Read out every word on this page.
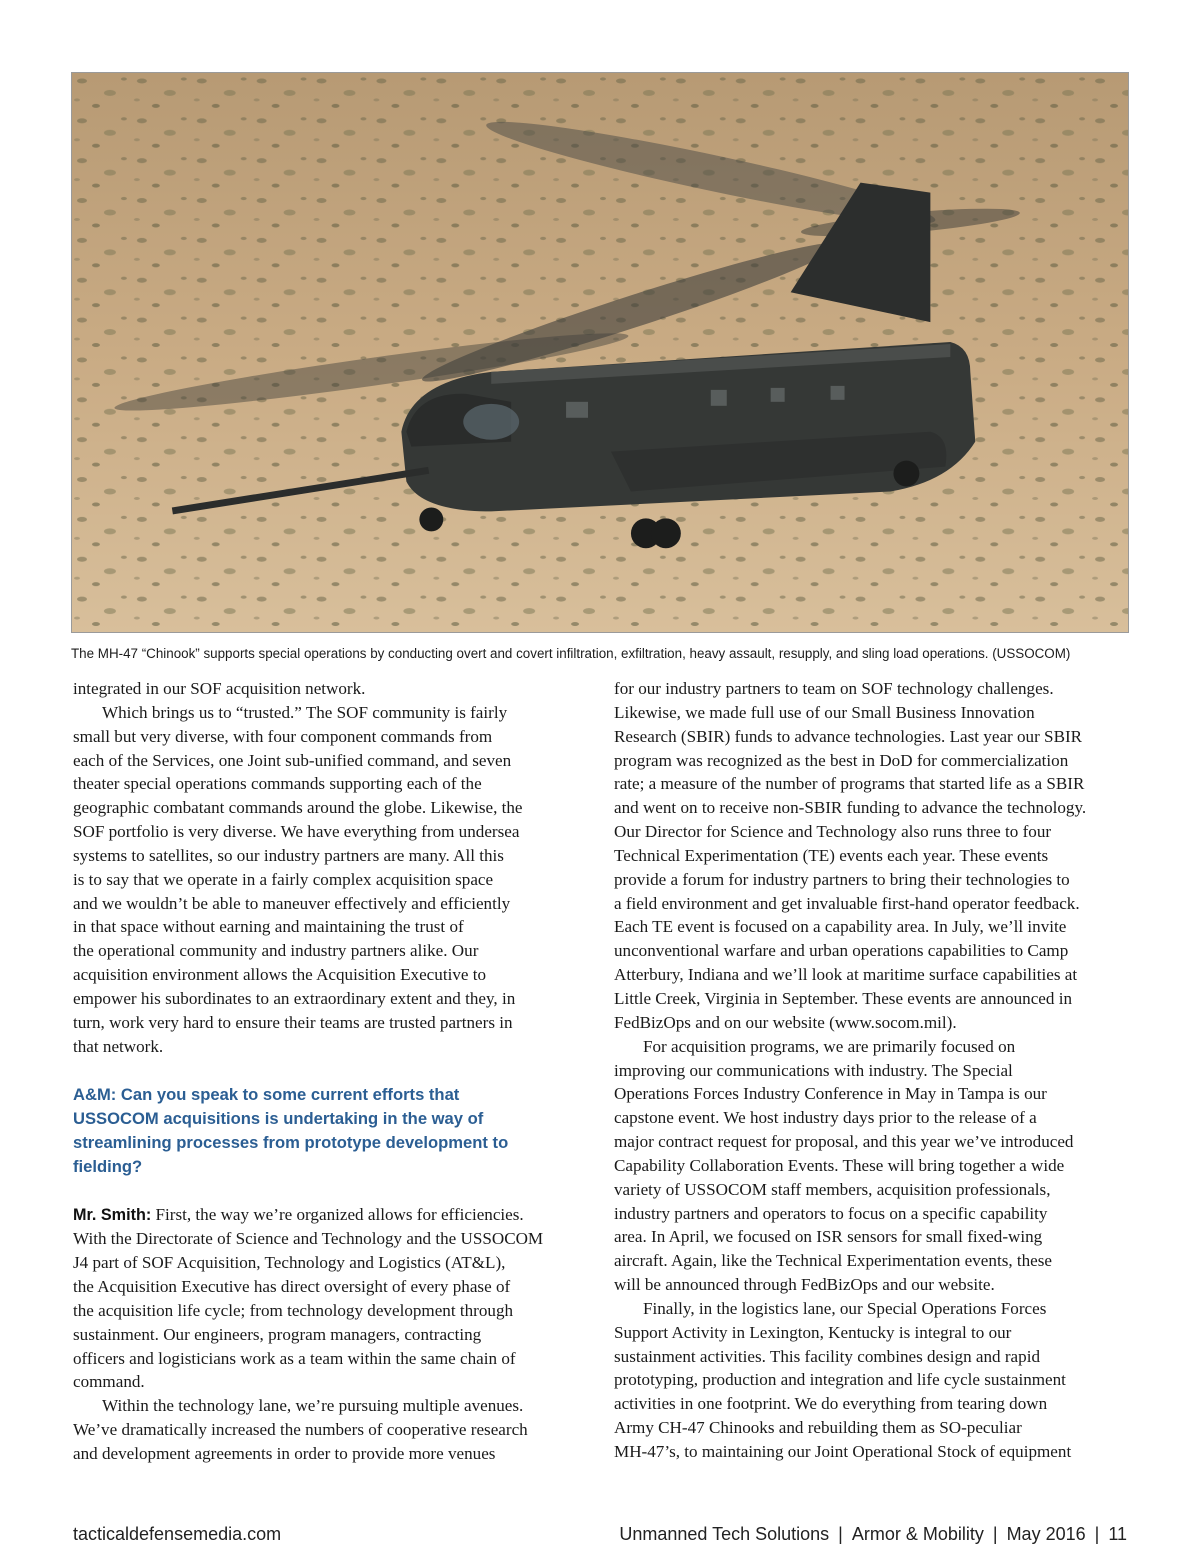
The MH-47 “Chinook” supports special operations by conducting overt and covert infiltration, exfiltration, heavy assault, resupply, and sling load operations. (USSOCOM)

integrated in our SOF acquisition network.

Which brings us to “trusted.” The SOF community is fairly

small but very diverse, with four component commands from

each of the Services, one Joint sub-unified command, and seven

theater special operations commands supporting each of the

geographic combatant commands around the globe. Likewise, the

SOF portfolio is very diverse. We have everything from undersea

systems to satellites, so our industry partners are many. All this

is to say that we operate in a fairly complex acquisition space

and we wouldn’t be able to maneuver effectively and efficiently

in that space without earning and maintaining the trust of

the operational community and industry partners alike. Our

acquisition environment allows the Acquisition Executive to

empower his subordinates to an extraordinary extent and they, in

turn, work very hard to ensure their teams are trusted partners in

that network.

A&M: Can you speak to some current efforts that
USSOCOM acquisitions is undertaking in the way of
streamlining processes from prototype development to
fielding?

Mr. Smith: First, the way we’re organized allows for efficiencies.

With the Directorate of Science and Technology and the USSOCOM

J4 part of SOF Acquisition, Technology and Logistics (AT&L),

the Acquisition Executive has direct oversight of every phase of

the acquisition life cycle; from technology development through

sustainment. Our engineers, program managers, contracting

officers and logisticians work as a team within the same chain of

command.

Within the technology lane, we’re pursuing multiple avenues.

We’ve dramatically increased the numbers of cooperative research

and development agreements in order to provide more venues

for our industry partners to team on SOF technology challenges.

Likewise, we made full use of our Small Business Innovation

Research (SBIR) funds to advance technologies. Last year our SBIR

program was recognized as the best in DoD for commercialization

rate; a measure of the number of programs that started life as a SBIR

and went on to receive non-SBIR funding to advance the technology.

Our Director for Science and Technology also runs three to four

Technical Experimentation (TE) events each year. These events

provide a forum for industry partners to bring their technologies to

a field environment and get invaluable first-hand operator feedback.

Each TE event is focused on a capability area. In July, we’ll invite

unconventional warfare and urban operations capabilities to Camp

Atterbury, Indiana and we’ll look at maritime surface capabilities at

Little Creek, Virginia in September. These events are announced in

FedBizOps and on our website (www.socom.mil).

For acquisition programs, we are primarily focused on

improving our communications with industry. The Special

Operations Forces Industry Conference in May in Tampa is our

capstone event. We host industry days prior to the release of a

major contract request for proposal, and this year we’ve introduced

Capability Collaboration Events. These will bring together a wide

variety of USSOCOM staff members, acquisition professionals,

industry partners and operators to focus on a specific capability

area. In April, we focused on ISR sensors for small fixed-wing

aircraft. Again, like the Technical Experimentation events, these

will be announced through FedBizOps and our website.

Finally, in the logistics lane, our Special Operations Forces

Support Activity in Lexington, Kentucky is integral to our

sustainment activities. This facility combines design and rapid

prototyping, production and integration and life cycle sustainment

activities in one footprint. We do everything from tearing down

Army CH-47 Chinooks and rebuilding them as SO-peculiar

MH-47’s, to maintaining our Joint Operational Stock of equipment

tacticaldefensemedia.com	Unmanned Tech Solutions | Armor & Mobility | May 2016 | 11
